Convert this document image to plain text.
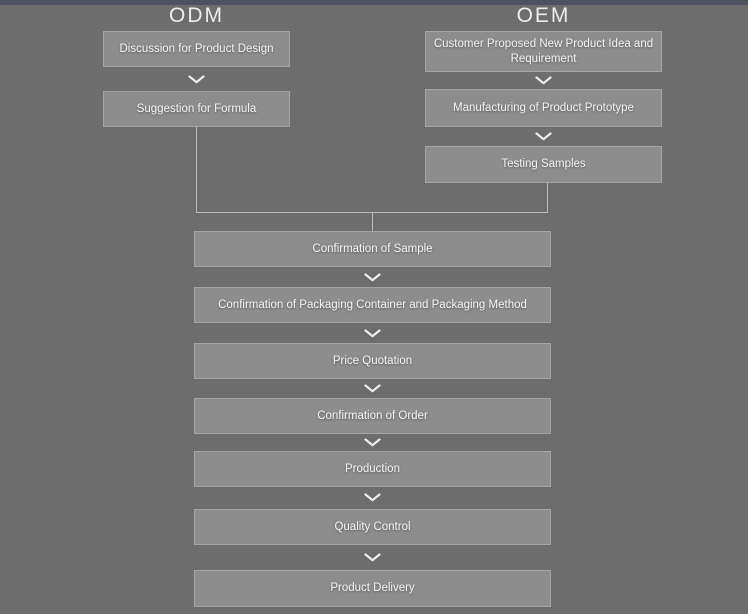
ODM	OEM
Discussion for Product Design
Suggestion for Formula
Customer Proposed New Product Idea and Requirement
Manufacturing of Product Prototype
Testing Samples
Confirmation of Sample
Confirmation of Packaging Container and Packaging Method
Price Quotation
Confirmation of Order
Production
Quality Control
Product Delivery
